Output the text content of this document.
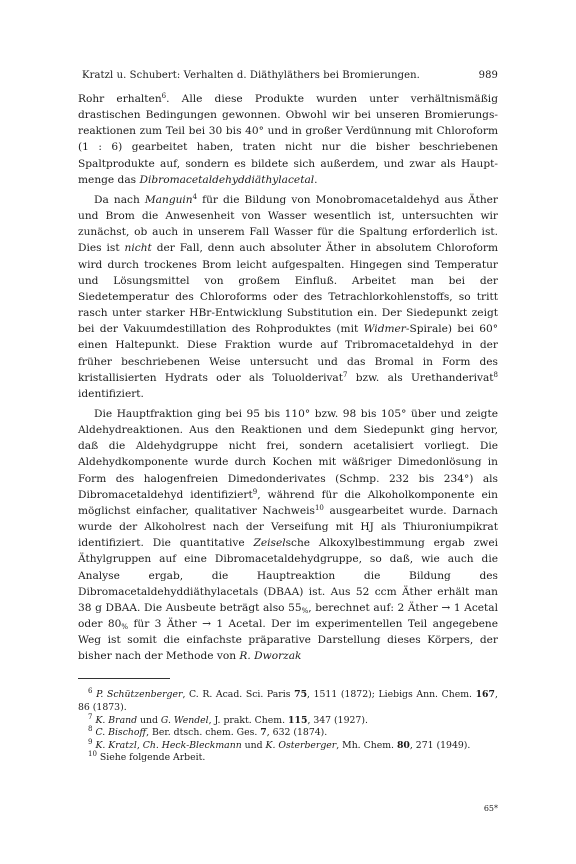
Kratzl u. Schubert: Verhalten d. Diäthyläthers bei Bromierungen.	989

Rohr erhalten$^6$. Alle diese Produkte wurden unter verhältnismäßig drastischen Bedingungen gewonnen. Obwohl wir bei unseren Bromierungsreaktionen zum Teil bei 30 bis 40° und in großer Verdünnung mit Chloroform (1 : 6) gearbeitet haben, traten nicht nur die bisher beschriebenen Spaltprodukte auf, sondern es bildete sich außerdem, und zwar als Hauptmenge das Dibromacetaldehyddiäthylacetal.

Da nach Manguin$^4$ für die Bildung von Monobromacetaldehyd aus Äther und Brom die Anwesenheit von Wasser wesentlich ist, untersuchten wir zunächst, ob auch in unserem Fall Wasser für die Spaltung erforderlich ist. Dies ist nicht der Fall, denn auch absoluter Äther in absolutem Chloroform wird durch trockenes Brom leicht aufgespalten. Hingegen sind Temperatur und Lösungsmittel von großem Einfluß. Arbeitet man bei der Siedetemperatur des Chloroforms oder des Tetrachlorkohlenstoffs, so tritt rasch unter starker HBr-Entwicklung Substitution ein. Der Siedepunkt zeigt bei der Vakuumdestillation des Rohproduktes (mit Widmer-Spirale) bei 60° einen Haltepunkt. Diese Fraktion wurde auf Tribromacetaldehyd in der früher beschriebenen Weise untersucht und das Bromal in Form des kristallisierten Hydrats oder als Toluolderivat$^7$ bzw. als Urethanderivat$^8$ identifiziert.

Die Hauptfraktion ging bei 95 bis 110° bzw. 98 bis 105° über und zeigte Aldehydreaktionen. Aus den Reaktionen und dem Siedepunkt ging hervor, daß die Aldehydgruppe nicht frei, sondern acetalisiert vorliegt. Die Aldehydkomponente wurde durch Kochen mit wäßriger Dimedonlösung in Form des halogenfreien Dimedonderivates (Schmp. 232 bis 234°) als Dibromacetaldehyd identifiziert$^9$, während für die Alkoholkomponente ein möglichst einfacher, qualitativer Nachweis$^{10}$ ausgearbeitet wurde. Darnach wurde der Alkoholrest nach der Verseifung mit HJ als Thiuroniumpikrat identifiziert. Die quantitative Zeiselsche Alkoxylbestimmung ergab zwei Äthylgruppen auf eine Dibromacetaldehydgruppe, so daß, wie auch die Analyse ergab, die Hauptreaktion die Bildung des Dibromacetaldehyddiäthylacetals (DBAA) ist. Aus 52 ccm Äther erhält man 38 g DBAA. Die Ausbeute beträgt also $55_{\%}$, berechnet auf: 2 Äther → 1 Acetal oder $80_{\%}$ für 3 Äther → 1 Acetal. Der im experimentellen Teil angegebene Weg ist somit die einfachste präparative Darstellung dieses Körpers, der bisher nach der Methode von R. Dworzak

$^6$ P. Schützenberger, C. R. Acad. Sci. Paris 75, 1511 (1872); Liebigs Ann. Chem. 167, 86 (1873).

$^7$ K. Brand und G. Wendel, J. prakt. Chem. 115, 347 (1927).

$^8$ C. Bischoff, Ber. dtsch. chem. Ges. 7, 632 (1874).

$^9$ K. Kratzl, Ch. Heck-Bleckmann und K. Osterberger, Mh. Chem. 80, 271 (1949).

$^{10}$ Siehe folgende Arbeit.

65*
